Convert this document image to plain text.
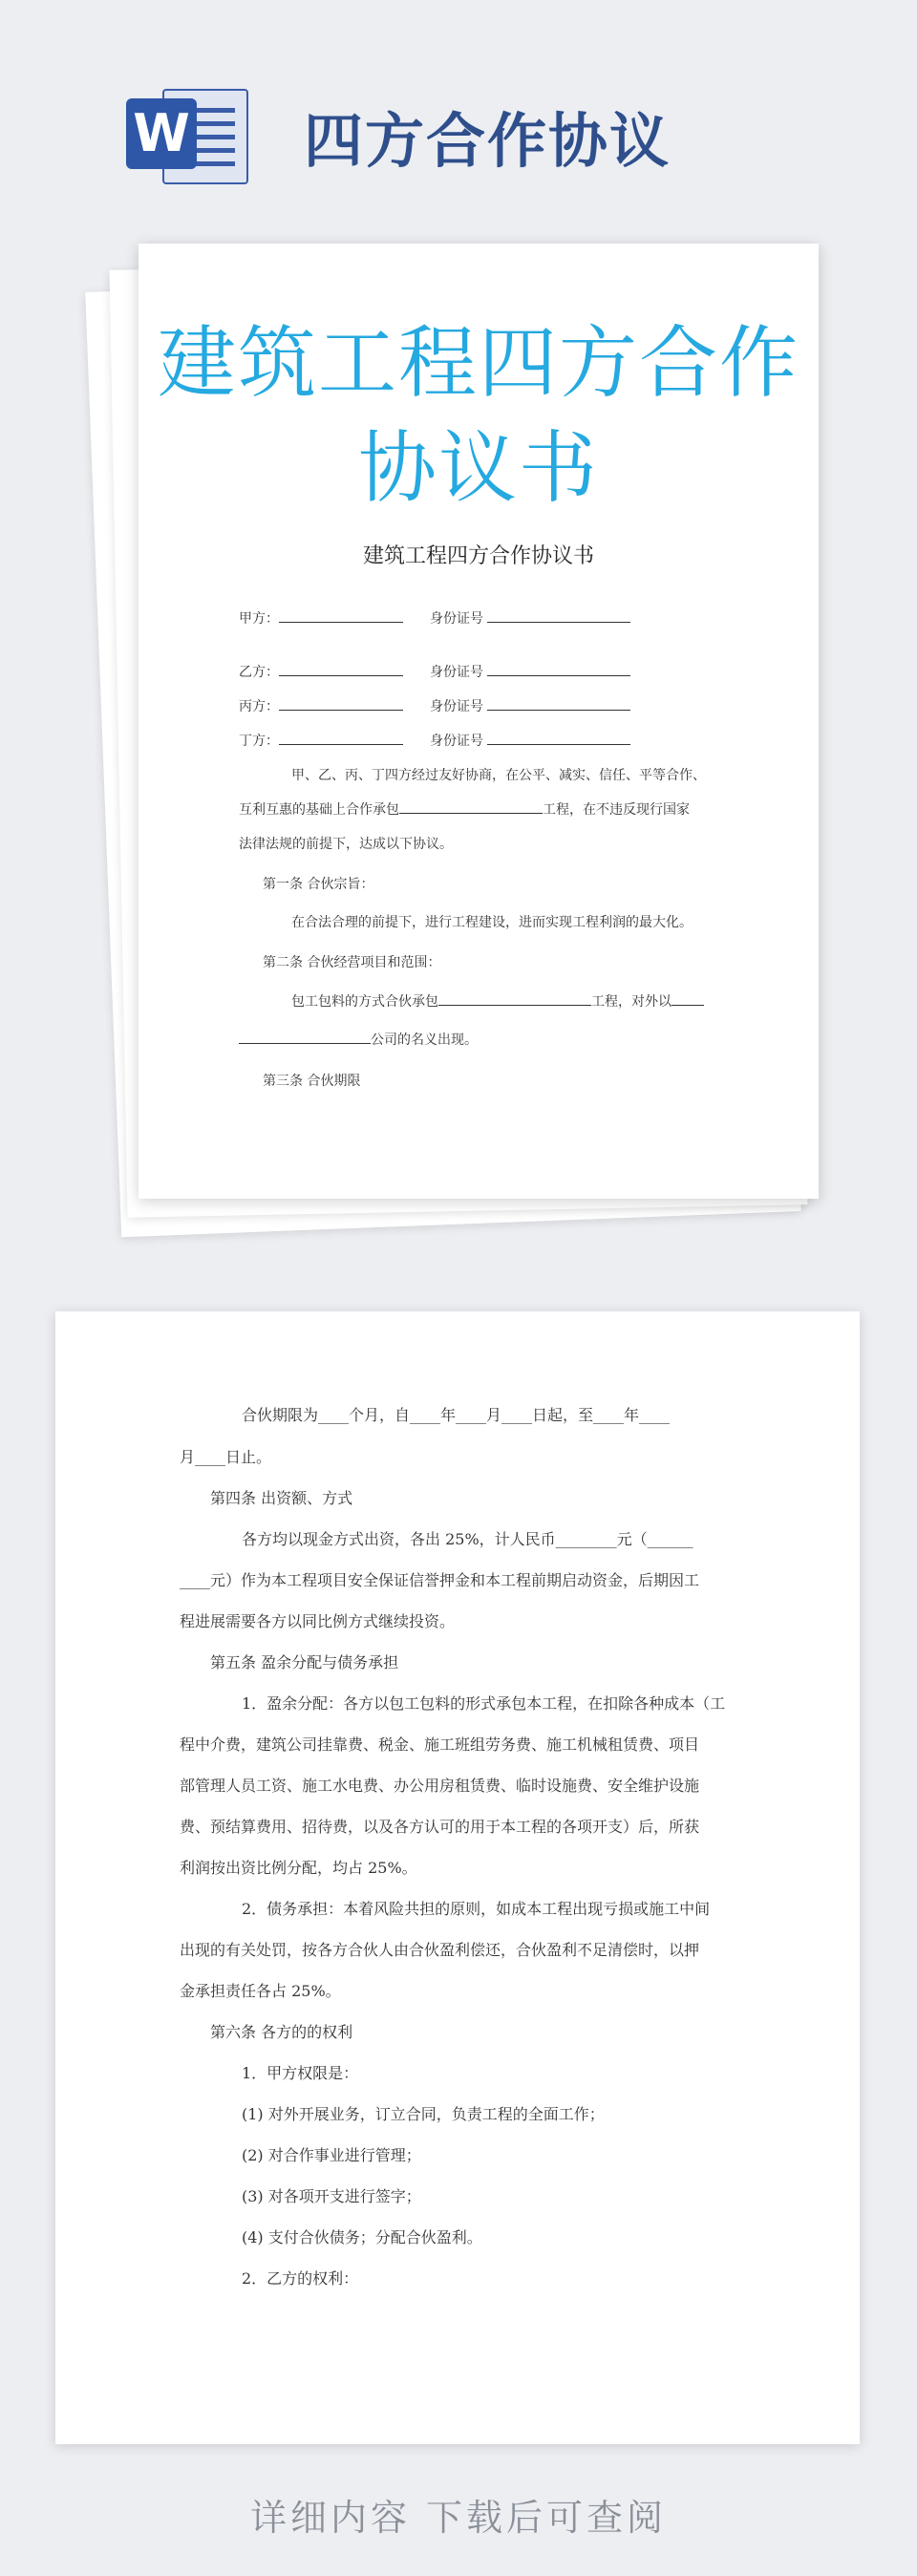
W 四方合作协议
建筑工程四方合作
协议书
建筑工程四方合作协议书
甲方：	身份证号
乙方：	身份证号
丙方：	身份证号
丁方：	身份证号
甲、乙、丙、丁四方经过友好协商，在公平、减实、信任、平等合作、
互利互惠的基础上合作承包	工程，在不违反现行国家
法律法规的前提下，达成以下协议。
第一条 合伙宗旨：
在合法合理的前提下，进行工程建设，进而实现工程利润的最大化。
第二条 合伙经营项目和范围：
包工包料的方式合伙承包	工程，对外以
公司的名义出现。
第三条 合伙期限
合伙期限为____个月，自____年____月____日起，至____年____
月____日止。
第四条 出资额、方式
各方均以现金方式出资，各出 25%，计人民币________元（______
____元）作为本工程项目安全保证信誉押金和本工程前期启动资金，后期因工
程进展需要各方以同比例方式继续投资。
第五条 盈余分配与债务承担
1．盈余分配：各方以包工包料的形式承包本工程，在扣除各种成本（工
程中介费，建筑公司挂靠费、税金、施工班组劳务费、施工机械租赁费、项目
部管理人员工资、施工水电费、办公用房租赁费、临时设施费、安全维护设施
费、预结算费用、招待费，以及各方认可的用于本工程的各项开支）后，所获
利润按出资比例分配，均占 25%。
2．债务承担：本着风险共担的原则，如成本工程出现亏损或施工中间
出现的有关处罚，按各方合伙人由合伙盈利偿还，合伙盈利不足清偿时，以押
金承担责任各占 25%。
第六条 各方的的权利
1．甲方权限是：
(1) 对外开展业务，订立合同，负责工程的全面工作；
(2) 对合作事业进行管理；
(3) 对各项开支进行签字；
(4) 支付合伙债务；分配合伙盈利。
2．乙方的权利：
详细内容 下载后可查阅
